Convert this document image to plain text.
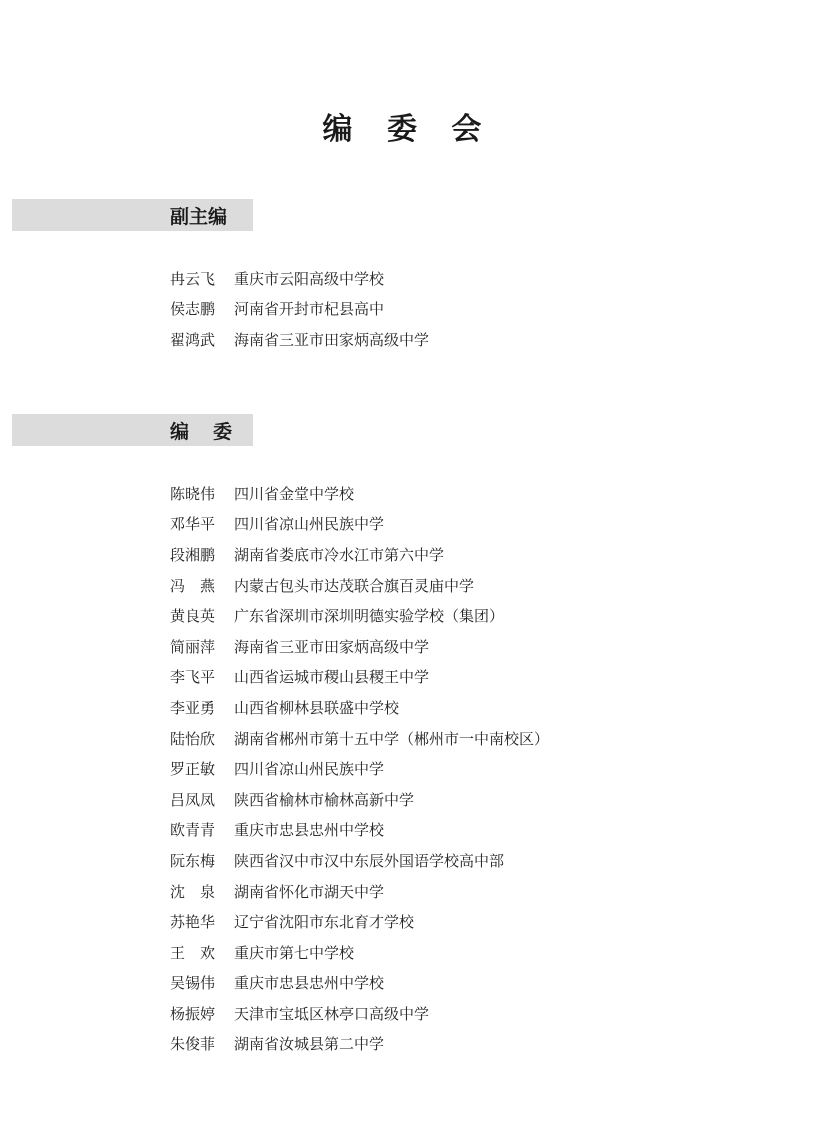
编 委 会
副主编
冉云飞	重庆市云阳高级中学校
侯志鹏	河南省开封市杞县高中
翟鸿武	海南省三亚市田家炳高级中学
编委
陈晓伟	四川省金堂中学校
邓华平	四川省凉山州民族中学
段湘鹏	湖南省娄底市冷水江市第六中学
冯　燕	内蒙古包头市达茂联合旗百灵庙中学
黄良英	广东省深圳市深圳明德实验学校（集团）
简丽萍	海南省三亚市田家炳高级中学
李飞平	山西省运城市稷山县稷王中学
李亚勇	山西省柳林县联盛中学校
陆怡欣	湖南省郴州市第十五中学（郴州市一中南校区）
罗正敏	四川省凉山州民族中学
吕凤凤	陕西省榆林市榆林高新中学
欧青青	重庆市忠县忠州中学校
阮东梅	陕西省汉中市汉中东辰外国语学校高中部
沈　泉	湖南省怀化市湖天中学
苏艳华	辽宁省沈阳市东北育才学校
王　欢	重庆市第七中学校
吴锡伟	重庆市忠县忠州中学校
杨振婷	天津市宝坻区林亭口高级中学
朱俊菲	湖南省汝城县第二中学
